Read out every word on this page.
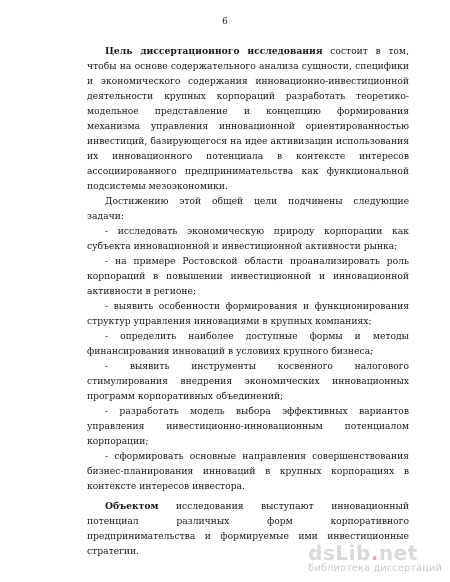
6

Цель диссертационного исследования состоит в том, чтобы на основе содержательного анализа сущности, специфики и экономического содержания инновационно-инвестиционной деятельности крупных корпораций разработать теоретико-модельное представление и концепцию формирования механизма управления инновационной ориентированностью инвестиций, базирующегося на идее активизации использования их инновационного потенциала в контексте интересов ассоциированного предпринимательства как функциональной подсистемы мезоэкономики.

Достижению этой общей цели подчинены следующие задачи:

- исследовать экономическую природу корпорации как субъекта инновационной и инвестиционной активности рынка;

- на примере Ростовской области проанализировать роль корпораций в повышении инвестиционной и инновационной активности в регионе;

- выявить особенности формирования и функционирования структур управления инновациями в крупных компаниях;

- определить наиболее доступные формы и методы финансирования инноваций в условиях крупного бизнеса;

- выявить инструменты косвенного налогового стимулирования внедрения экономических инновационных программ корпоративных объединений;

- разработать модель выбора эффективных вариантов управления инвестиционно-инновационным потенциалом корпорации;

- сформировать основные направления совершенствования бизнес-планирования инноваций в крупных корпорациях в контексте интересов инвестора.

Объектом исследования выступают инновационный потенциал различных форм корпоративного предпринимательства и формируемые ими инвестиционные стратегии.	dsLib.net
библиотека диссертаций
